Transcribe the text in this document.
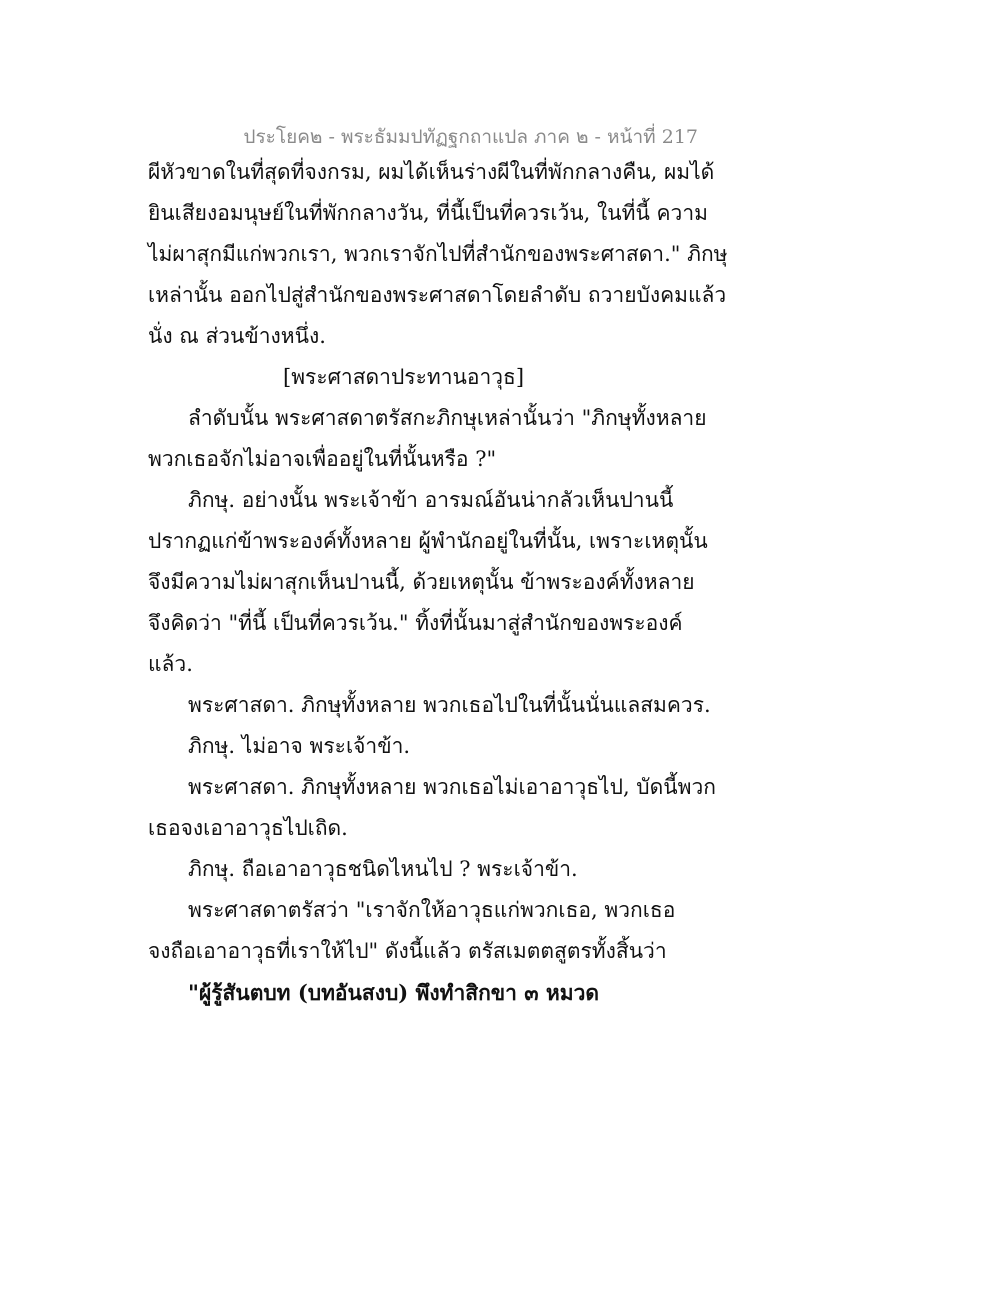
ประโยค๒ - พระธัมมปทัฏฐกถาแปล ภาค ๒ - หน้าที่ 217
ผีหัวขาดในที่สุดที่จงกรม, ผมได้เห็นร่างผีในที่พักกลางคืน, ผมได้
ยินเสียงอมนุษย์ในที่พักกลางวัน, ที่นี้เป็นที่ควรเว้น, ในที่นี้ ความ
ไม่ผาสุกมีแก่พวกเรา, พวกเราจักไปที่สำนักของพระศาสดา." ภิกษุ
เหล่านั้น ออกไปสู่สำนักของพระศาสดาโดยลำดับ ถวายบังคมแล้ว
นั่ง ณ ส่วนข้างหนึ่ง.
[พระศาสดาประทานอาวุธ]
ลำดับนั้น พระศาสดาตรัสกะภิกษุเหล่านั้นว่า "ภิกษุทั้งหลาย
พวกเธอจักไม่อาจเพื่ออยู่ในที่นั้นหรือ ?"
ภิกษุ. อย่างนั้น พระเจ้าข้า อารมณ์อันน่ากลัวเห็นปานนี้
ปรากฏแก่ข้าพระองค์ทั้งหลาย ผู้พำนักอยู่ในที่นั้น, เพราะเหตุนั้น
จึงมีความไม่ผาสุกเห็นปานนี้, ด้วยเหตุนั้น ข้าพระองค์ทั้งหลาย
จึงคิดว่า "ที่นี้ เป็นที่ควรเว้น." ทิ้งที่นั้นมาสู่สำนักของพระองค์
แล้ว.
พระศาสดา. ภิกษุทั้งหลาย พวกเธอไปในที่นั้นนั่นแลสมควร.
ภิกษุ. ไม่อาจ พระเจ้าข้า.
พระศาสดา. ภิกษุทั้งหลาย พวกเธอไม่เอาอาวุธไป, บัดนี้พวก
เธอจงเอาอาวุธไปเถิด.
ภิกษุ. ถือเอาอาวุธชนิดไหนไป ? พระเจ้าข้า.
พระศาสดาตรัสว่า "เราจักให้อาวุธแก่พวกเธอ, พวกเธอ
จงถือเอาอาวุธที่เราให้ไป" ดังนี้แล้ว ตรัสเมตตสูตรทั้งสิ้นว่า
"ผู้รู้สันตบท (บทอันสงบ) พึงทำสิกขา ๓ หมวด
